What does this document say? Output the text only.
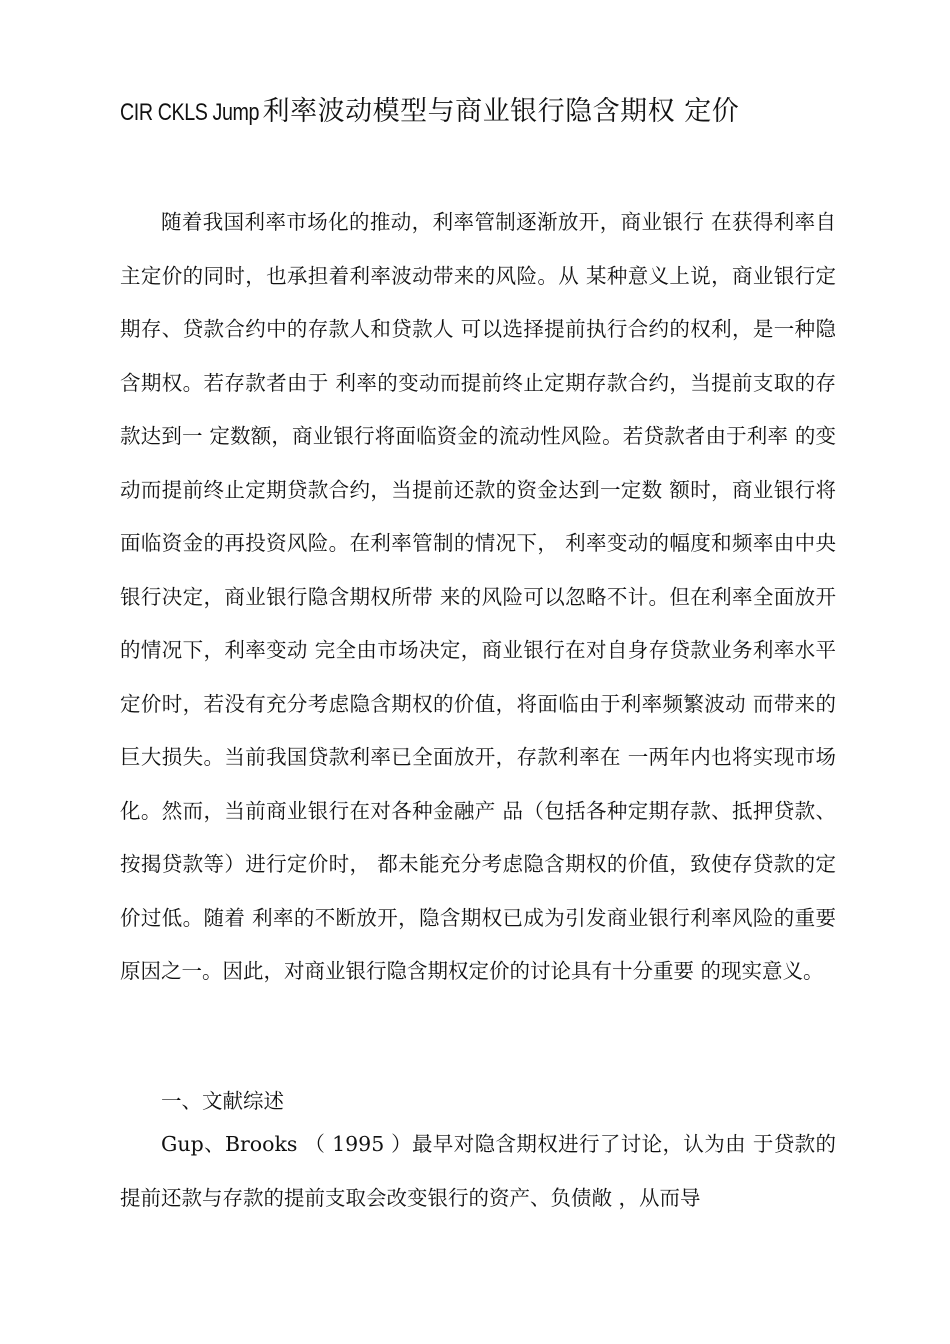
CIR CKLS Jump 利率波动模型与商业银行隐含期权 定价
随着我国利率市场化的推动，利率管制逐渐放开，商业银行 在获得利率自主定价的同时，也承担着利率波动带来的风险。从 某种意义上说，商业银行定期存、贷款合约中的存款人和贷款人 可以选择提前执行合约的权利，是一种隐含期权。若存款者由于 利率的变动而提前终止定期存款合约，当提前支取的存款达到一 定数额，商业银行将面临资金的流动性风险。若贷款者由于利率 的变动而提前终止定期贷款合约，当提前还款的资金达到一定数 额时，商业银行将面临资金的再投资风险。在利率管制的情况下， 利率变动的幅度和频率由中央银行决定，商业银行隐含期权所带 来的风险可以忽略不计。但在利率全面放开的情况下，利率变动 完全由市场决定，商业银行在对自身存贷款业务利率水平定价时，若没有充分考虑隐含期权的价值，将面临由于利率频繁波动 而带来的巨大损失。当前我国贷款利率已全面放开，存款利率在 一两年内也将实现市场化。然而，当前商业银行在对各种金融产 品（包括各种定期存款、抵押贷款、按揭贷款等）进行定价时， 都未能充分考虑隐含期权的价值，致使存贷款的定价过低。随着 利率的不断放开，隐含期权已成为引发商业银行利率风险的重要 原因之一。因此，对商业银行隐含期权定价的讨论具有十分重要 的现实意义。
一、文献综述
Gup、Brooks （ 1995 ）最早对隐含期权进行了讨论，认为由 于贷款的提前还款与存款的提前支取会改变银行的资产、负债敞 ，从而导
